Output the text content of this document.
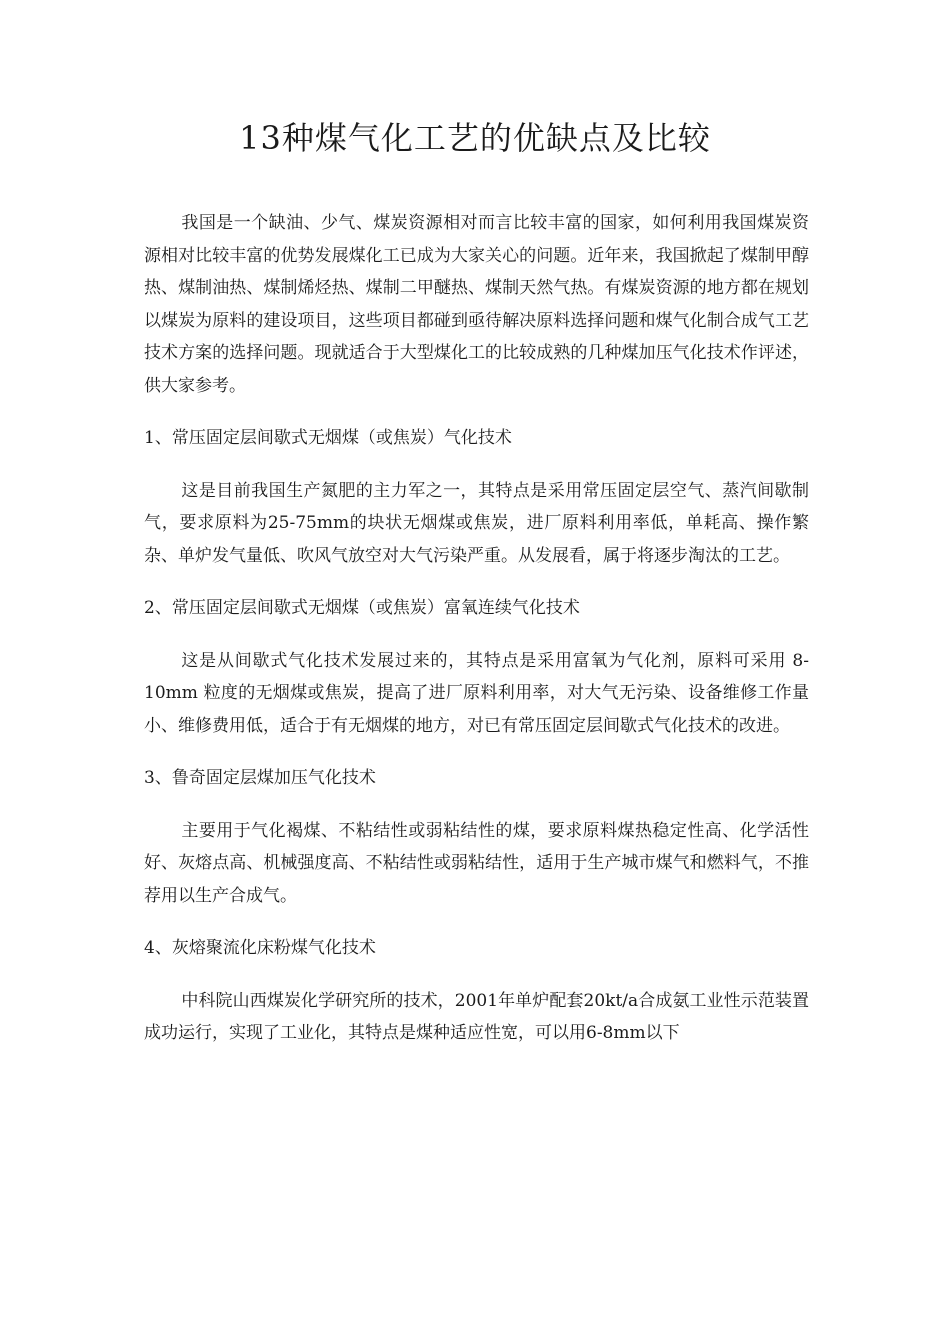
13种煤气化工艺的优缺点及比较

我国是一个缺油、少气、煤炭资源相对而言比较丰富的国家，如何利用我国煤炭资源相对比较丰富的优势发展煤化工已成为大家关心的问题。近年来，我国掀起了煤制甲醇热、煤制油热、煤制烯烃热、煤制二甲醚热、煤制天然气热。有煤炭资源的地方都在规划以煤炭为原料的建设项目，这些项目都碰到亟待解决原料选择问题和煤气化制合成气工艺技术方案的选择问题。现就适合于大型煤化工的比较成熟的几种煤加压气化技术作评述，供大家参考。

1、常压固定层间歇式无烟煤（或焦炭）气化技术

这是目前我国生产氮肥的主力军之一，其特点是采用常压固定层空气、蒸汽间歇制气，要求原料为25-75mm的块状无烟煤或焦炭，进厂原料利用率低，单耗高、操作繁杂、单炉发气量低、吹风气放空对大气污染严重。从发展看，属于将逐步淘汰的工艺。

2、常压固定层间歇式无烟煤（或焦炭）富氧连续气化技术

这是从间歇式气化技术发展过来的，其特点是采用富氧为气化剂，原料可采用 8-10mm 粒度的无烟煤或焦炭，提高了进厂原料利用率，对大气无污染、设备维修工作量小、维修费用低，适合于有无烟煤的地方，对已有常压固定层间歇式气化技术的改进。

3、鲁奇固定层煤加压气化技术

主要用于气化褐煤、不粘结性或弱粘结性的煤，要求原料煤热稳定性高、化学活性好、灰熔点高、机械强度高、不粘结性或弱粘结性，适用于生产城市煤气和燃料气，不推荐用以生产合成气。

4、灰熔聚流化床粉煤气化技术

中科院山西煤炭化学研究所的技术，2001年单炉配套20kt/a合成氨工业性示范装置成功运行，实现了工业化，其特点是煤种适应性宽，可以用6-8mm以下
